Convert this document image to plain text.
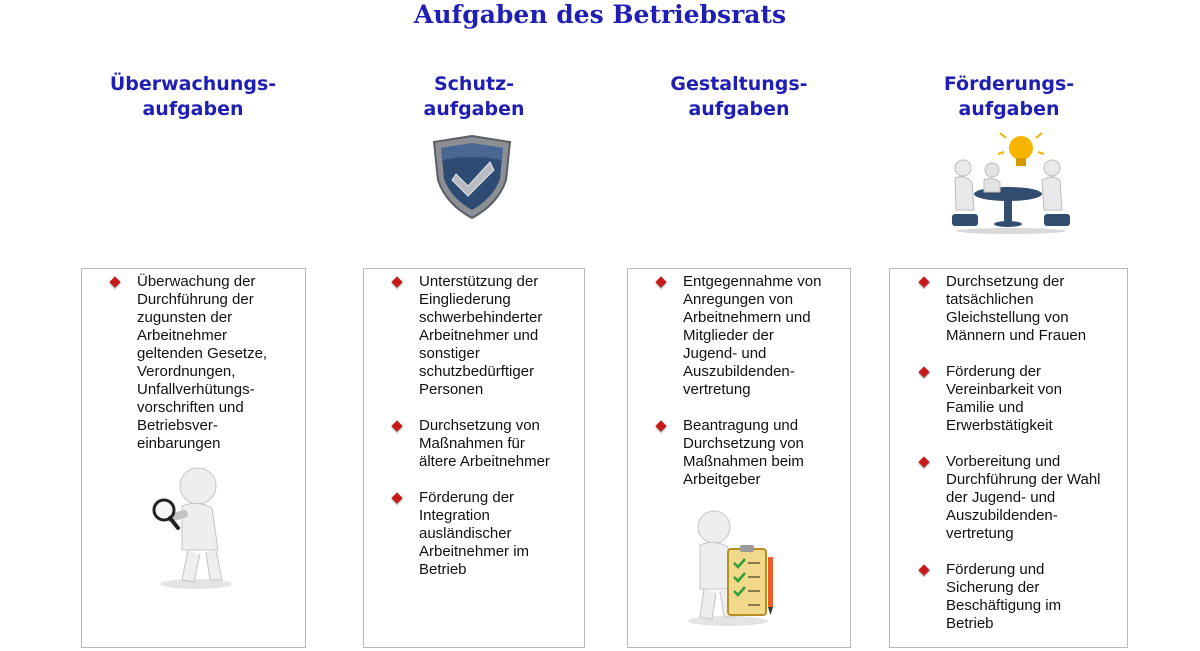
Aufgaben des Betriebsrats
Überwachungs-
aufgaben
Schutz-
aufgaben
Gestaltungs-
aufgaben
Förderungs-
aufgaben
Überwachung der
Durchführung der
zugunsten der
Arbeitnehmer
geltenden Gesetze,
Verordnungen,
Unfallverhütungs-
vorschriften und
Betriebsver-
einbarungen
Unterstützung der
Eingliederung
schwerbehinderter
Arbeitnehmer und
sonstiger
schutzbedürftiger
Personen
Durchsetzung von
Maßnahmen für
ältere Arbeitnehmer
Förderung der
Integration
ausländischer
Arbeitnehmer im
Betrieb
Entgegennahme von
Anregungen von
Arbeitnehmern und
Mitglieder der
Jugend- und
Auszubildenden-
vertretung
Beantragung und
Durchsetzung von
Maßnahmen beim
Arbeitgeber
Durchsetzung der
tatsächlichen
Gleichstellung von
Männern und Frauen
Förderung der
Vereinbarkeit von
Familie und
Erwerbstätigkeit
Vorbereitung und
Durchführung der Wahl
der Jugend- und
Auszubildenden-
vertretung
Förderung und
Sicherung der
Beschäftigung im
Betrieb
